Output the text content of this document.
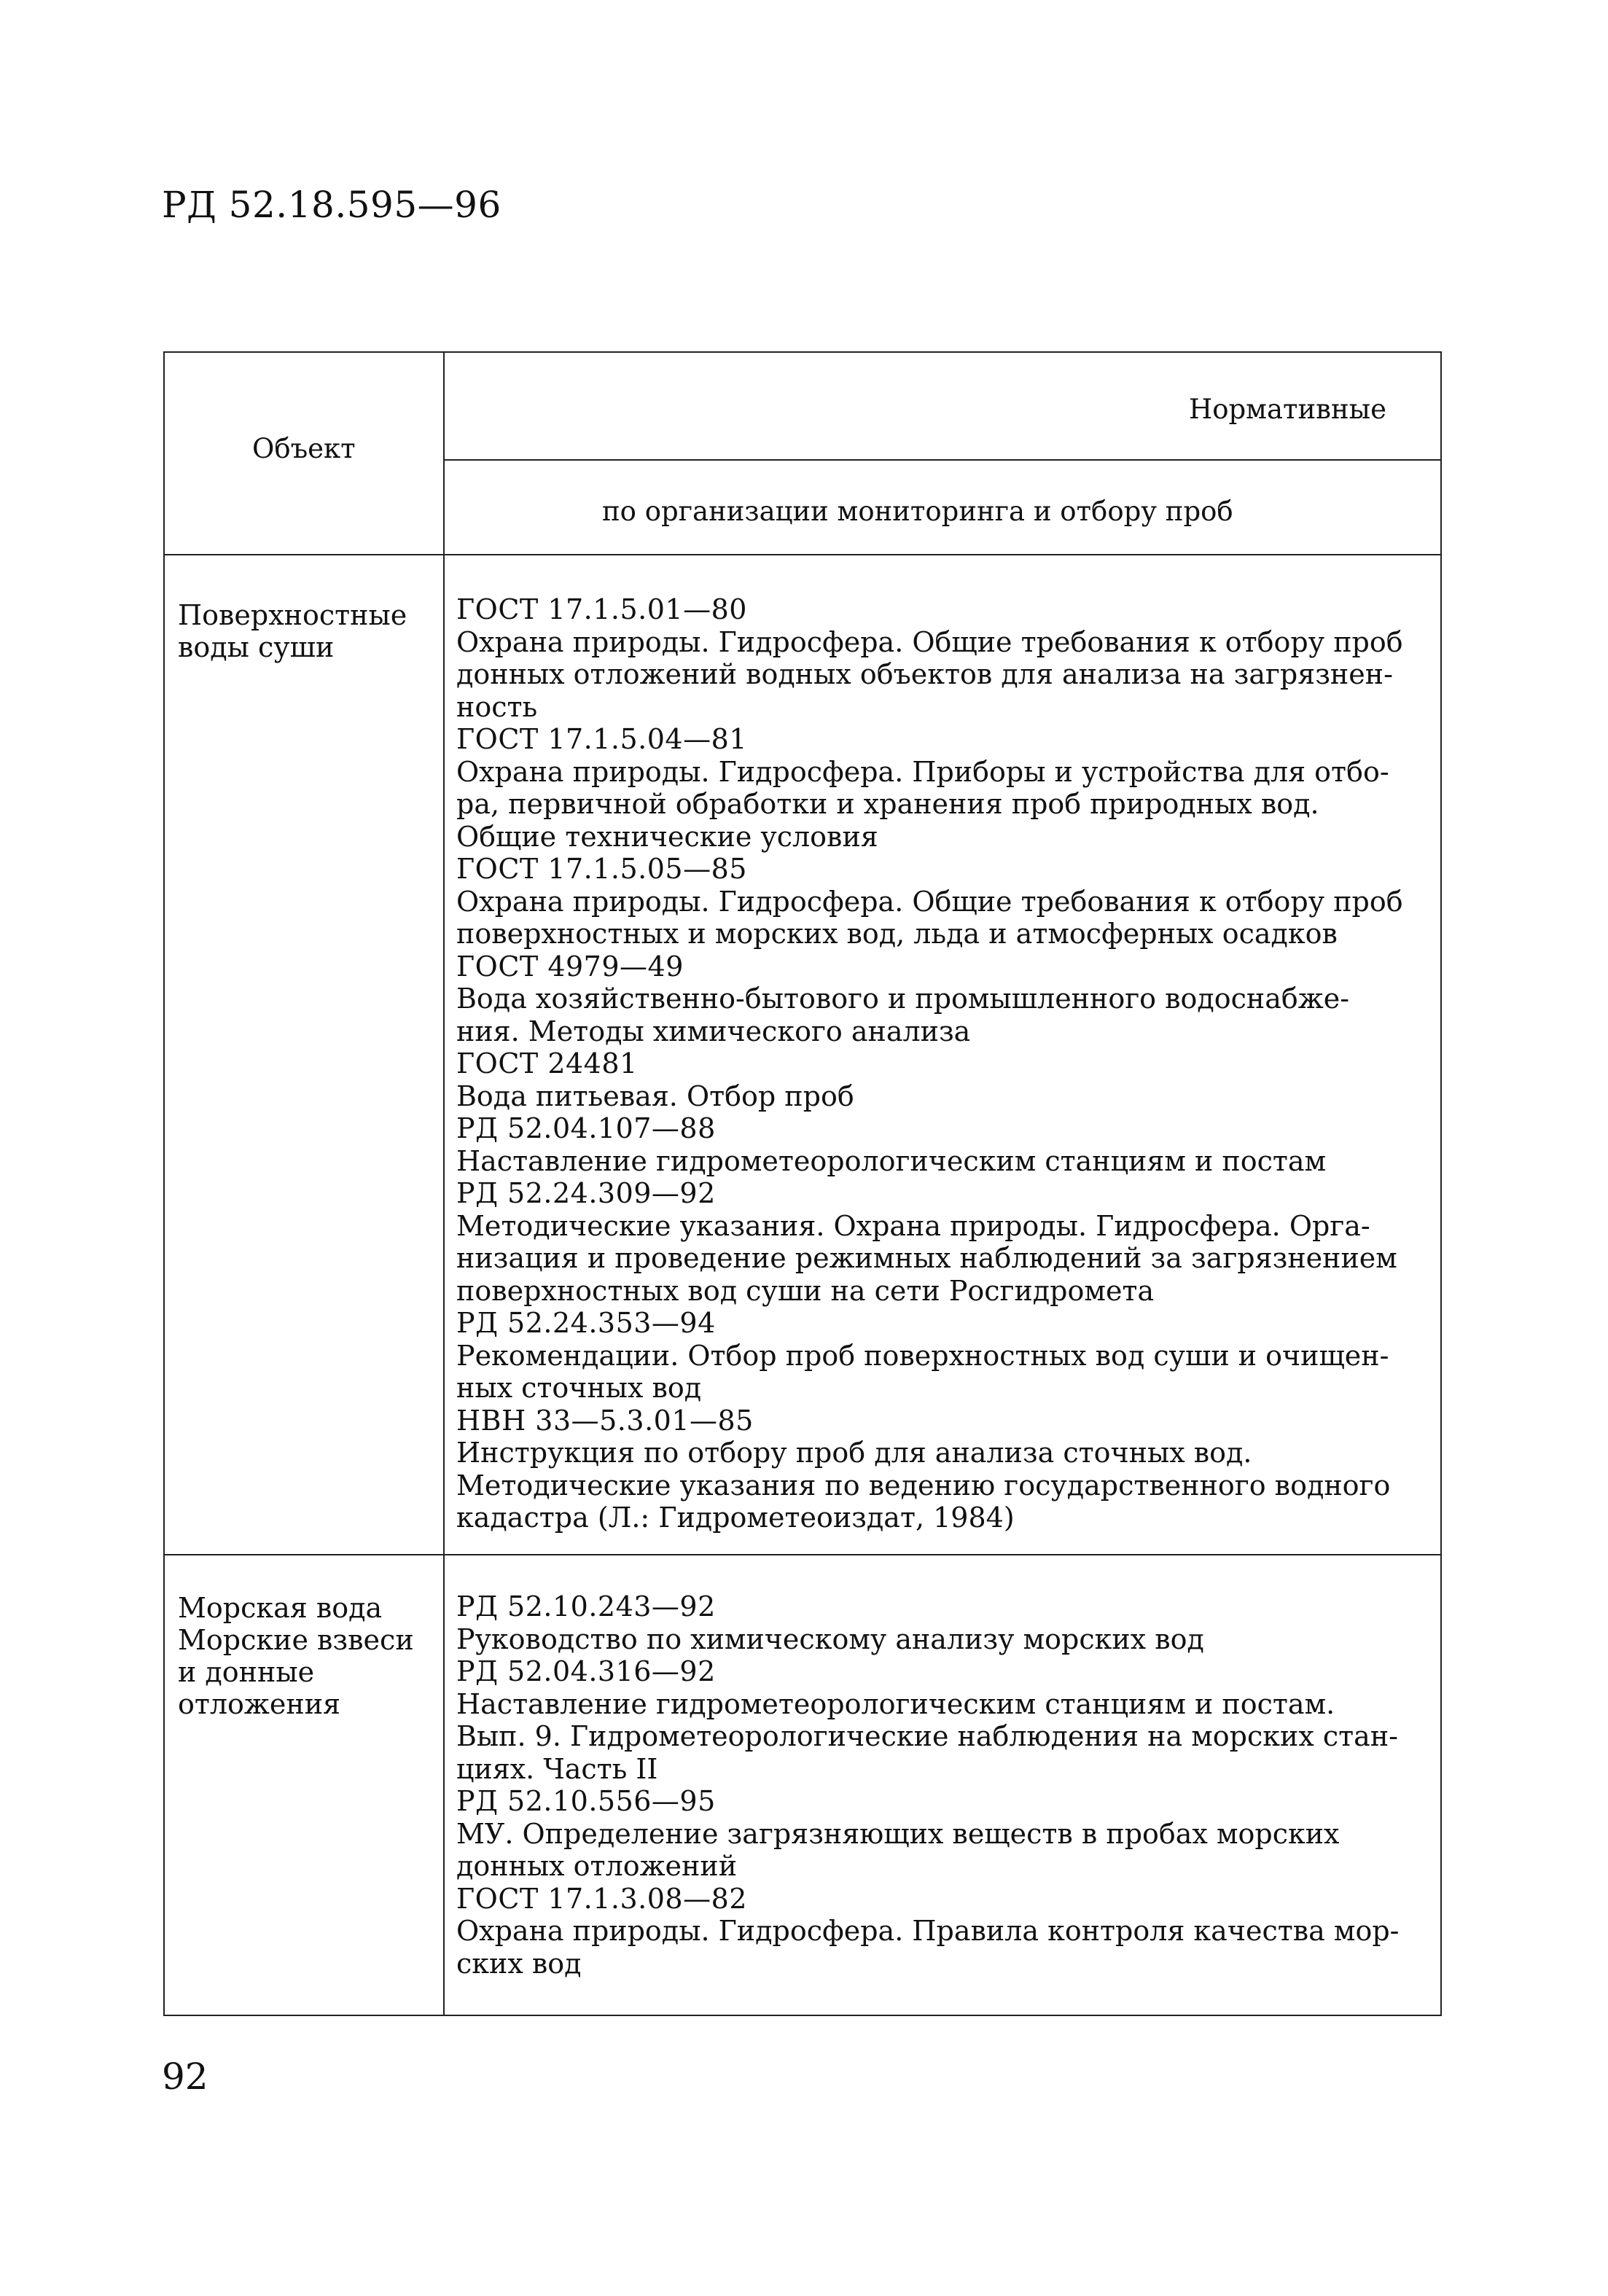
РД 52.18.595—96
Объект
Нормативные
по организации мониторинга и отбору проб
Поверхностные
воды суши
ГОСТ 17.1.5.01—80
Охрана природы. Гидросфера. Общие требования к отбору проб
донных отложений водных объектов для анализа на загрязнен-
ность
ГОСТ 17.1.5.04—81
Охрана природы. Гидросфера. Приборы и устройства для отбо-
ра, первичной обработки и хранения проб природных вод.
Общие технические условия
ГОСТ 17.1.5.05—85
Охрана природы. Гидросфера. Общие требования к отбору проб
поверхностных и морских вод, льда и атмосферных осадков
ГОСТ 4979—49
Вода хозяйственно-бытового и промышленного водоснабже-
ния. Методы химического анализа
ГОСТ 24481
Вода питьевая. Отбор проб
РД 52.04.107—88
Наставление гидрометеорологическим станциям и постам
РД 52.24.309—92
Методические указания. Охрана природы. Гидросфера. Орга-
низация и проведение режимных наблюдений за загрязнением
поверхностных вод суши на сети Росгидромета
РД 52.24.353—94
Рекомендации. Отбор проб поверхностных вод суши и очищен-
ных сточных вод
НВН 33—5.3.01—85
Инструкция по отбору проб для анализа сточных вод.
Методические указания по ведению государственного водного
кадастра (Л.: Гидрометеоиздат, 1984)
Морская вода
Морские взвеси
и донные
отложения
РД 52.10.243—92
Руководство по химическому анализу морских вод
РД 52.04.316—92
Наставление гидрометеорологическим станциям и постам.
Вып. 9. Гидрометеорологические наблюдения на морских стан-
циях. Часть II
РД 52.10.556—95
МУ. Определение загрязняющих веществ в пробах морских
донных отложений
ГОСТ 17.1.3.08—82
Охрана природы. Гидросфера. Правила контроля качества мор-
ских вод
92
